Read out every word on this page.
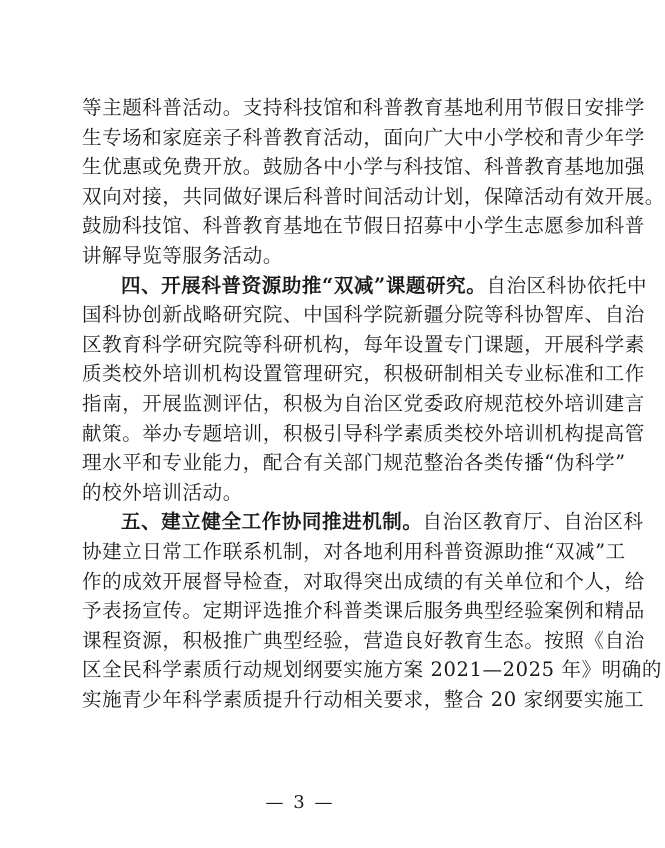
等主题科普活动。支持科技馆和科普教育基地利用节假日安排学
生专场和家庭亲子科普教育活动，面向广大中小学校和青少年学
生优惠或免费开放。鼓励各中小学与科技馆、科普教育基地加强
双向对接，共同做好课后科普时间活动计划，保障活动有效开展。
鼓励科技馆、科普教育基地在节假日招募中小学生志愿参加科普
讲解导览等服务活动。
四、开展科普资源助推“双减”课题研究。自治区科协依托中
国科协创新战略研究院、中国科学院新疆分院等科协智库、自治
区教育科学研究院等科研机构，每年设置专门课题，开展科学素
质类校外培训机构设置管理研究，积极研制相关专业标准和工作
指南，开展监测评估，积极为自治区党委政府规范校外培训建言
献策。举办专题培训，积极引导科学素质类校外培训机构提高管
理水平和专业能力，配合有关部门规范整治各类传播“伪科学”
的校外培训活动。
五、建立健全工作协同推进机制。自治区教育厅、自治区科
协建立日常工作联系机制，对各地利用科普资源助推“双减”工
作的成效开展督导检查，对取得突出成绩的有关单位和个人，给
予表扬宣传。定期评选推介科普类课后服务典型经验案例和精品
课程资源，积极推广典型经验，营造良好教育生态。按照《自治
区全民科学素质行动规划纲要实施方案 2021—2025 年》明确的
实施青少年科学素质提升行动相关要求，整合 20 家纲要实施工
— 3 —
